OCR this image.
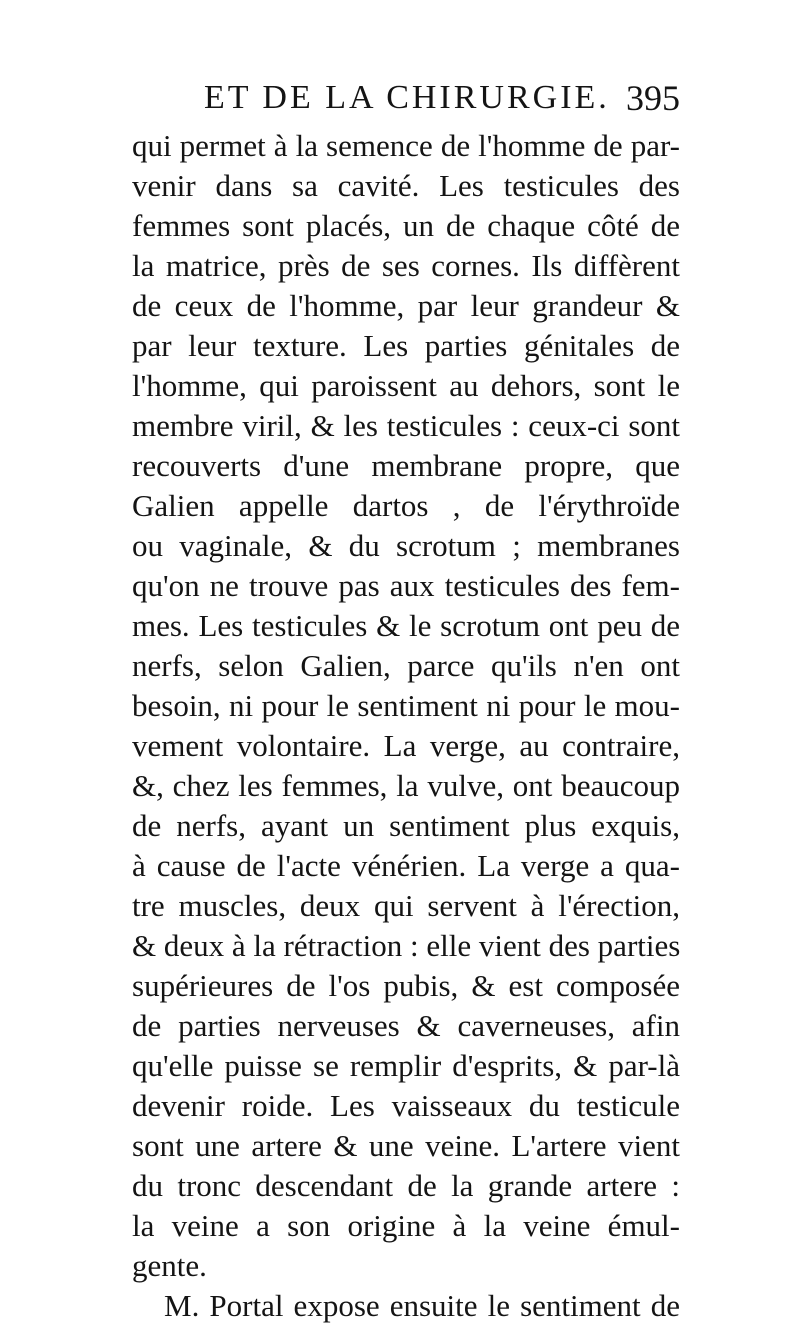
ET DE LA CHIRURGIE. 395
qui permet à la semence de l'homme de par-
venir dans sa cavité. Les testicules des
femmes sont placés, un de chaque côté de
la matrice, près de ses cornes. Ils diffèrent
de ceux de l'homme, par leur grandeur &
par leur texture. Les parties génitales de
l'homme, qui paroissent au dehors, sont le
membre viril, & les testicules : ceux-ci sont
recouverts d'une membrane propre, que
Galien appelle dartos , de l'érythroïde
ou vaginale, & du scrotum ; membranes
qu'on ne trouve pas aux testicules des fem-
mes. Les testicules & le scrotum ont peu de
nerfs, selon Galien, parce qu'ils n'en ont
besoin, ni pour le sentiment ni pour le mou-
vement volontaire. La verge, au contraire,
&, chez les femmes, la vulve, ont beaucoup
de nerfs, ayant un sentiment plus exquis,
à cause de l'acte vénérien. La verge a qua-
tre muscles, deux qui servent à l'érection,
& deux à la rétraction : elle vient des parties
supérieures de l'os pubis, & est composée
de parties nerveuses & caverneuses, afin
qu'elle puisse se remplir d'esprits, & par-là
devenir roide. Les vaisseaux du testicule
sont une artere & une veine. L'artere vient
du tronc descendant de la grande artere :
la veine a son origine à la veine émul-
gente.
M. Portal expose ensuite le sentiment de
